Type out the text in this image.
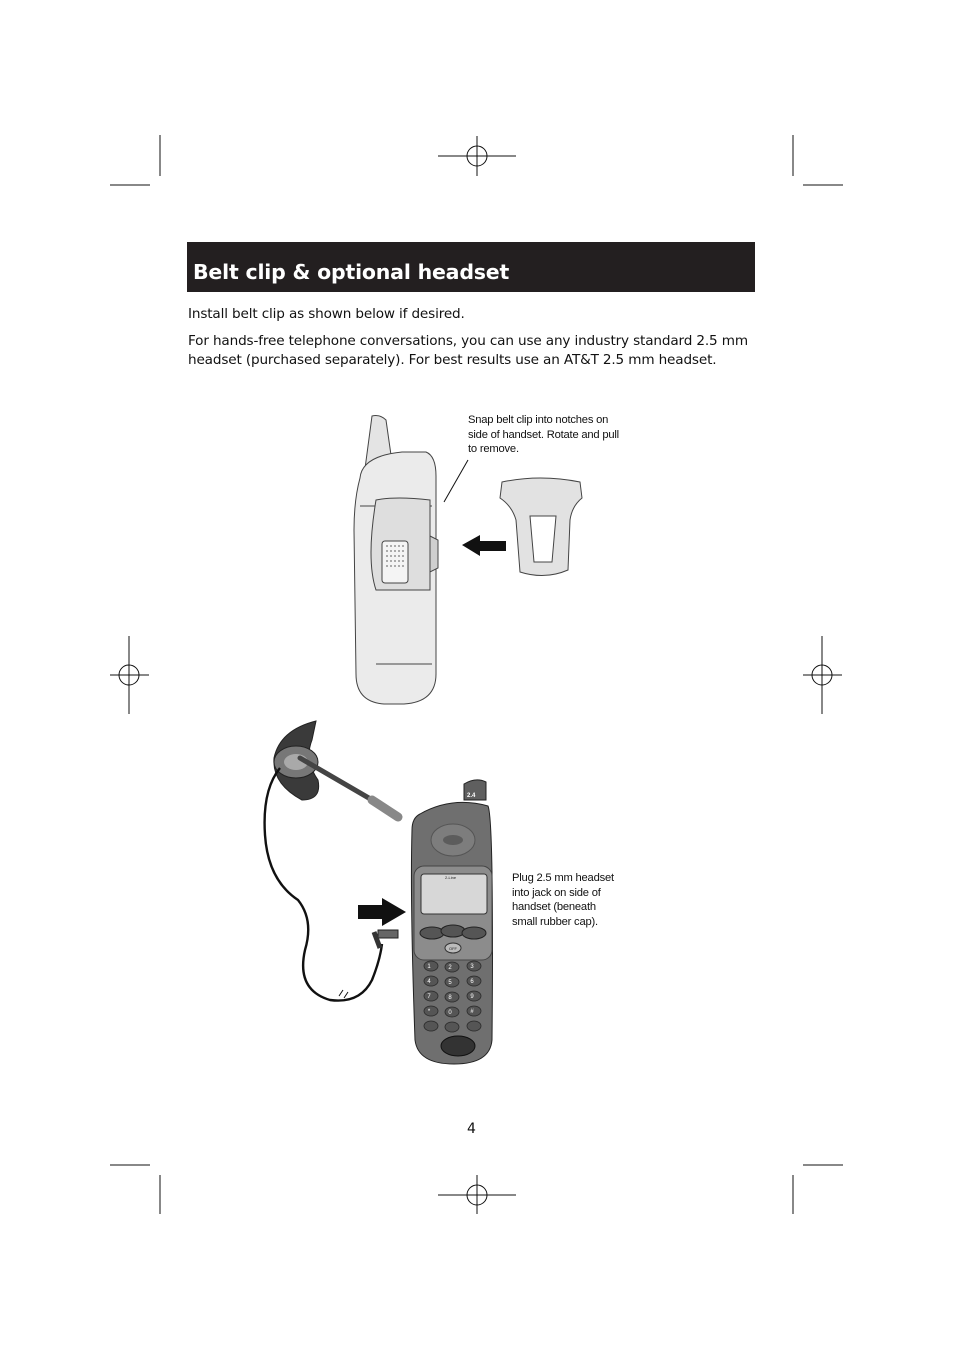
Belt clip & optional headset

Install belt clip as shown below if desired.

For hands-free telephone conversations, you can use any industry standard 2.5 mm headset (purchased separately). For best results use an AT&T 2.5 mm headset.

1	2	3
4	5	6
7	8	9
*	0	#
2.4
2-Line
OFF
Snap belt clip into notches on side of handset. Rotate and pull to remove.
Plug 2.5 mm headset into jack on side of handset (beneath small rubber cap).
4
